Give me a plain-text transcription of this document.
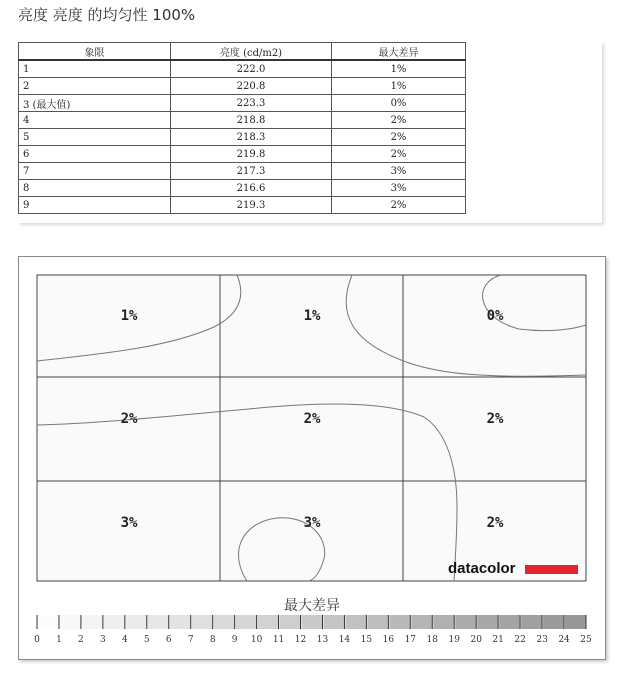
亮度 亮度 的均匀性 100%
象限	亮度 (cd/m2)	最大差异
1	222.0	1%
2	220.8	1%
3 (最大值)	223.3	0%
4	218.8	2%
5	218.3	2%
6	219.8	2%
7	217.3	3%
8	216.6	3%
9	219.3	2%
1%	1%	0%
2%	2%	2%
3%	3%	2%
datacolor
0 1 2 3 4 5 6 7 8 9 10 11 12 13 14 15 16 17 18 19 20 21 22 23 24 25
最大差异
